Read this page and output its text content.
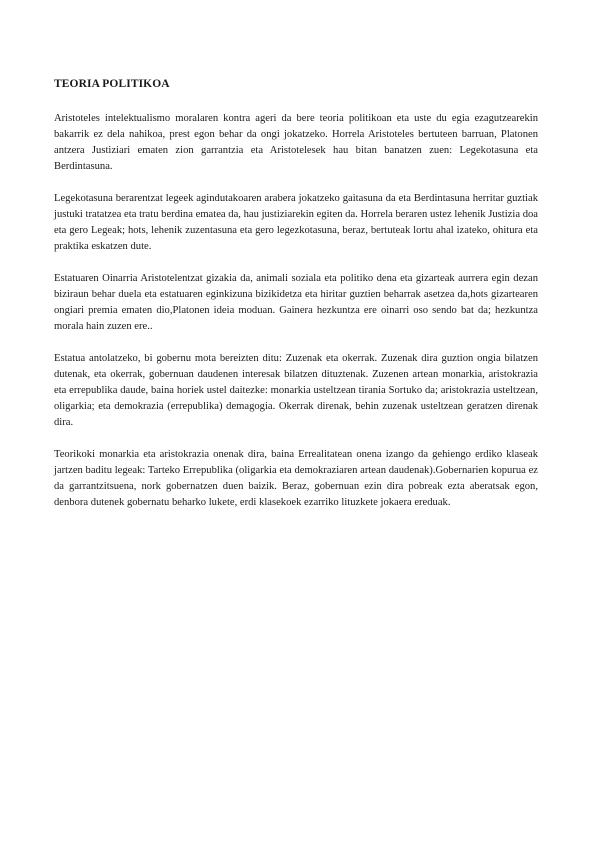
TEORIA POLITIKOA

Aristoteles intelektualismo moralaren kontra ageri da bere teoria politikoan eta uste du egia ezagutzearekin bakarrik ez dela nahikoa, prest egon behar da ongi jokatzeko. Horrela Aristoteles bertuteen barruan, Platonen antzera Justiziari ematen zion garrantzia eta Aristotelesek hau bitan banatzen zuen: Legekotasuna eta Berdintasuna.

Legekotasuna berarentzat legeek agindutakoaren arabera jokatzeko gaitasuna da eta Berdintasuna herritar guztiak justuki tratatzea eta tratu berdina ematea da, hau justiziarekin egiten da. Horrela beraren ustez lehenik Justizia doa eta gero Legeak; hots, lehenik zuzentasuna eta gero legezkotasuna, beraz, bertuteak lortu ahal izateko, ohitura eta praktika eskatzen dute.

Estatuaren Oinarria Aristotelentzat gizakia da, animali soziala eta politiko dena eta gizarteak aurrera egin dezan biziraun behar duela eta estatuaren eginkizuna bizikidetza eta hiritar guztien beharrak asetzea da,hots gizartearen ongiari premia ematen dio,Platonen ideia moduan. Gainera hezkuntza ere oinarri oso sendo bat da; hezkuntza morala hain zuzen ere..

Estatua antolatzeko, bi gobernu mota bereizten ditu: Zuzenak eta okerrak. Zuzenak dira guztion ongia bilatzen dutenak, eta okerrak, gobernuan daudenen interesak bilatzen dituztenak. Zuzenen artean monarkia, aristokrazia eta errepublika daude, baina horiek ustel daitezke: monarkia usteltzean tirania Sortuko da; aristokrazia usteltzean, oligarkia; eta demokrazia (errepublika) demagogia. Okerrak direnak, behin zuzenak usteltzean geratzen direnak dira.

Teorikoki monarkia eta aristokrazia onenak dira, baina Errealitatean onena izango da gehiengo erdiko klaseak jartzen baditu legeak: Tarteko Errepublika (oligarkia eta demokraziaren artean daudenak).Gobernarien kopurua ez da garrantzitsuena, nork gobernatzen duen baizik. Beraz, gobernuan ezin dira pobreak ezta aberatsak egon, denbora dutenek gobernatu beharko lukete, erdi klasekoek ezarriko lituzkete jokaera ereduak.
